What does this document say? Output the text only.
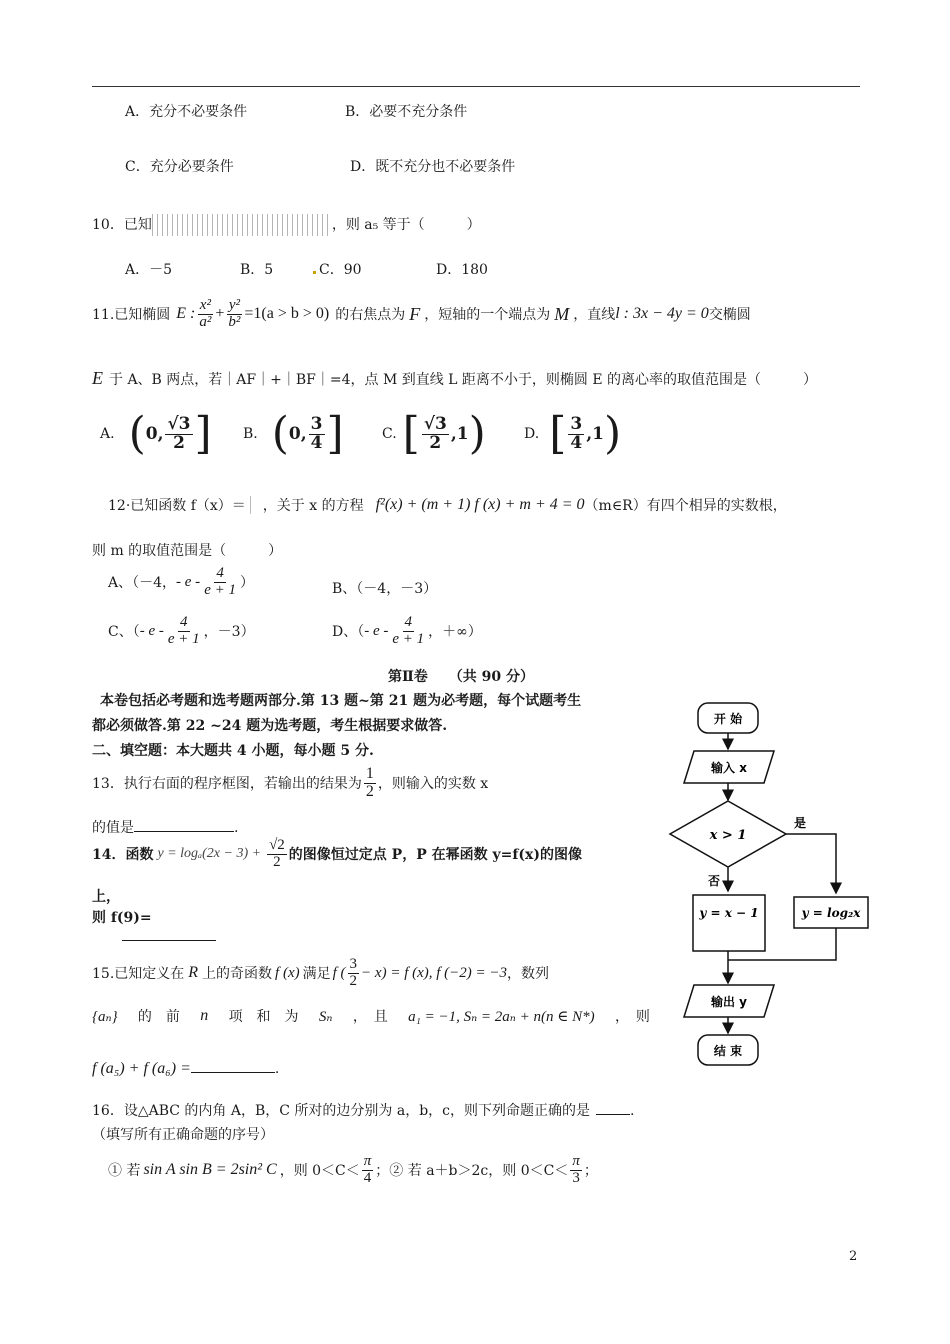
A．充分不必要条件	B．必要不充分条件
C．充分必要条件	D．既不充分也不必要条件
10．已知	，则 a₅ 等于（　　　）
A．－5	B．5	C．90	D．180
11.已知椭圆 E : $\frac{\text{x²}}{\text{a²}} + \frac{\text{y²}}{\text{b²}} =1(a > b > 0)$ 的右焦点为 F ，短轴的一个端点为 M ，直线 l : 3x − 4y = 0 交椭圆
E 于 A、B 两点，若｜AF｜+｜BF｜=4，点 M 到直线 L 距离不小于，则椭圆 E 的离心率的取值范围是（　　　）
A. ( 0, $\frac{√3}{2}$ ] B. ( 0, $\frac{3}{4}$ ]	C. [ $\frac{√3}{2} ,1$ )	D. [ $\frac{3}{4} ,1$ )
12·已知函数 f（x）＝ ，关于 x 的方程 f²(x) + (m + 1) f (x) + m + 4 = 0 （m∈R）有四个相异的实数根，
则 m 的取值范围是（　　　）
A、（－4， - e - $\frac{4}{e + 1}$ ）	B、（－4，－3）
C、（ - e - $\frac{4}{e + 1}$ ，－3）	D、（ - e - $\frac{4}{e + 1}$ ，＋∞）
第Ⅱ卷　　（共 90 分）
本卷包括必考题和选考题两部分.第 13 题~第 21 题为必考题，每个试题考生
都必须做答.第 22 ~24 题为选考题，考生根据要求做答.
二、填空题：本大题共 4 小题，每小题 5 分.
13．执行右面的程序框图，若输出的结果为 $\frac{1}{2}$ ，则输入的实数 x
的值是	.
14．函数 $y = \log_a(2x - 3) + \frac{√2}{2}$ 的图像恒过定点 P，P 在幂函数 y=f(x)的图像
上，
则 f(9)=
15.已知定义在 R 上的奇函数 f (x) 满足 f ( $\frac{3}{2} - x) = f$ (x), f (−2) = −3 ，数列
{aₙ} 的　前 n 项　和　为 Sₙ ，　且 a₁ = −1, Sₙ = 2aₙ + n(n ∈ N*) ，　则
f (a₅) + f (a₆) =	.
16．设△ABC 的内角 A，B，C 所对的边分别为 a，b，c，则下列命题正确的是	.
（填写所有正确命题的序号）
① 若 sin A sin B = 2sin² C ，则 $0<C< \frac{\pi}{4}$ ；② 若 a＋b＞2c，则 $0<C< \frac{\pi}{3}$ ；
开 始
输入 x
x > 1
是
否
y = x − 1	y = log₂x
输出 y
结 束
2
